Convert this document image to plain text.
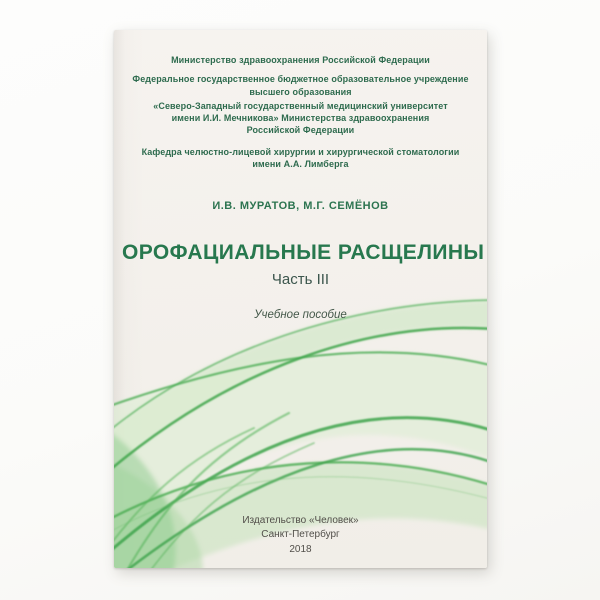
Министерство здравоохранения Российской Федерации
Федеральное государственное бюджетное образовательное учреждение
высшего образования
«Северо-Западный государственный медицинский университет
имени И.И. Мечникова» Министерства здравоохранения
Российской Федерации
Кафедра челюстно-лицевой хирургии и хирургической стоматологии
имени А.А. Лимберга
И.В. МУРАТОВ, М.Г. СЕМЁНОВ
ОРОФАЦИАЛЬНЫЕ РАСЩЕЛИНЫ
Часть III
Учебное пособие
Издательство «Человек»
Санкт-Петербург
2018
